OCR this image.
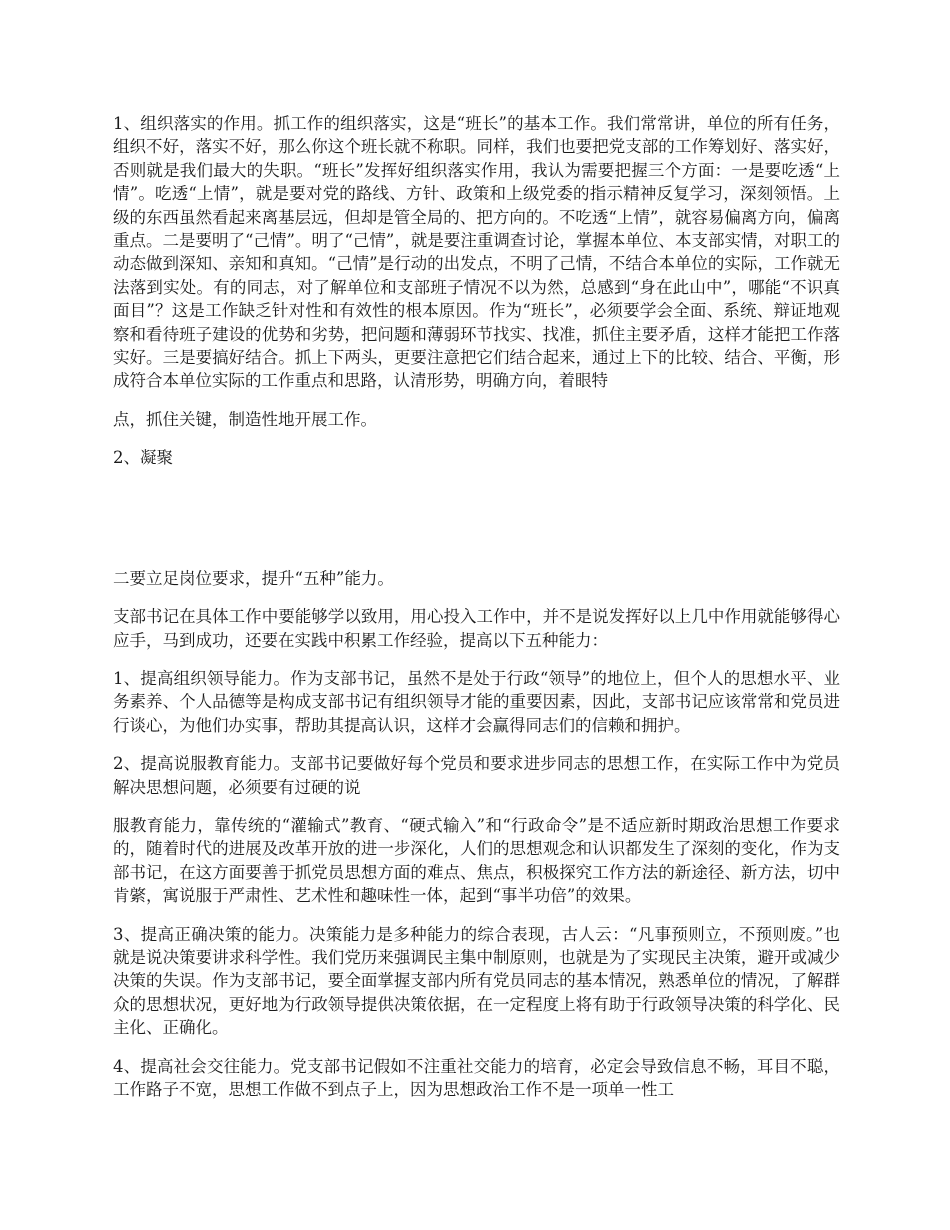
1、组织落实的作用。抓工作的组织落实，这是“班长”的基本工作。我们常常讲，单位的所有任务，组织不好，落实不好，那么你这个班长就不称职。同样，我们也要把党支部的工作筹划好、落实好，否则就是我们最大的失职。“班长”发挥好组织落实作用，我认为需要把握三个方面：一是要吃透“上情”。吃透“上情”，就是要对党的路线、方针、政策和上级党委的指示精神反复学习，深刻领悟。上级的东西虽然看起来离基层远，但却是管全局的、把方向的。不吃透“上情”，就容易偏离方向，偏离重点。二是要明了“己情”。明了“己情”，就是要注重调查讨论，掌握本单位、本支部实情，对职工的动态做到深知、亲知和真知。“己情”是行动的出发点，不明了己情，不结合本单位的实际，工作就无法落到实处。有的同志，对了解单位和支部班子情况不以为然，总感到“身在此山中”，哪能“不识真面目”？这是工作缺乏针对性和有效性的根本原因。作为“班长”，必须要学会全面、系统、辩证地观察和看待班子建设的优势和劣势，把问题和薄弱环节找实、找准，抓住主要矛盾，这样才能把工作落实好。三是要搞好结合。抓上下两头，更要注意把它们结合起来，通过上下的比较、结合、平衡，形成符合本单位实际的工作重点和思路，认清形势，明确方向，着眼特

点，抓住关键，制造性地开展工作。

2、凝聚

二要立足岗位要求，提升“五种”能力。

支部书记在具体工作中要能够学以致用，用心投入工作中，并不是说发挥好以上几中作用就能够得心应手，马到成功，还要在实践中积累工作经验，提高以下五种能力：

1、提高组织领导能力。作为支部书记，虽然不是处于行政“领导”的地位上，但个人的思想水平、业务素养、个人品德等是构成支部书记有组织领导才能的重要因素，因此，支部书记应该常常和党员进行谈心，为他们办实事，帮助其提高认识，这样才会赢得同志们的信赖和拥护。

2、提高说服教育能力。支部书记要做好每个党员和要求进步同志的思想工作，在实际工作中为党员解决思想问题，必须要有过硬的说

服教育能力，靠传统的“灌输式”教育、“硬式输入”和“行政命令”是不适应新时期政治思想工作要求的，随着时代的进展及改革开放的进一步深化，人们的思想观念和认识都发生了深刻的变化，作为支部书记，在这方面要善于抓党员思想方面的难点、焦点，积极探究工作方法的新途径、新方法，切中肯綮，寓说服于严肃性、艺术性和趣味性一体，起到“事半功倍”的效果。

3、提高正确决策的能力。决策能力是多种能力的综合表现，古人云：“凡事预则立，不预则废。”也就是说决策要讲求科学性。我们党历来强调民主集中制原则，也就是为了实现民主决策，避开或减少决策的失误。作为支部书记，要全面掌握支部内所有党员同志的基本情况，熟悉单位的情况，了解群众的思想状况，更好地为行政领导提供决策依据，在一定程度上将有助于行政领导决策的科学化、民主化、正确化。

4、提高社会交往能力。党支部书记假如不注重社交能力的培育，必定会导致信息不畅，耳目不聪，工作路子不宽，思想工作做不到点子上，因为思想政治工作不是一项单一性工
